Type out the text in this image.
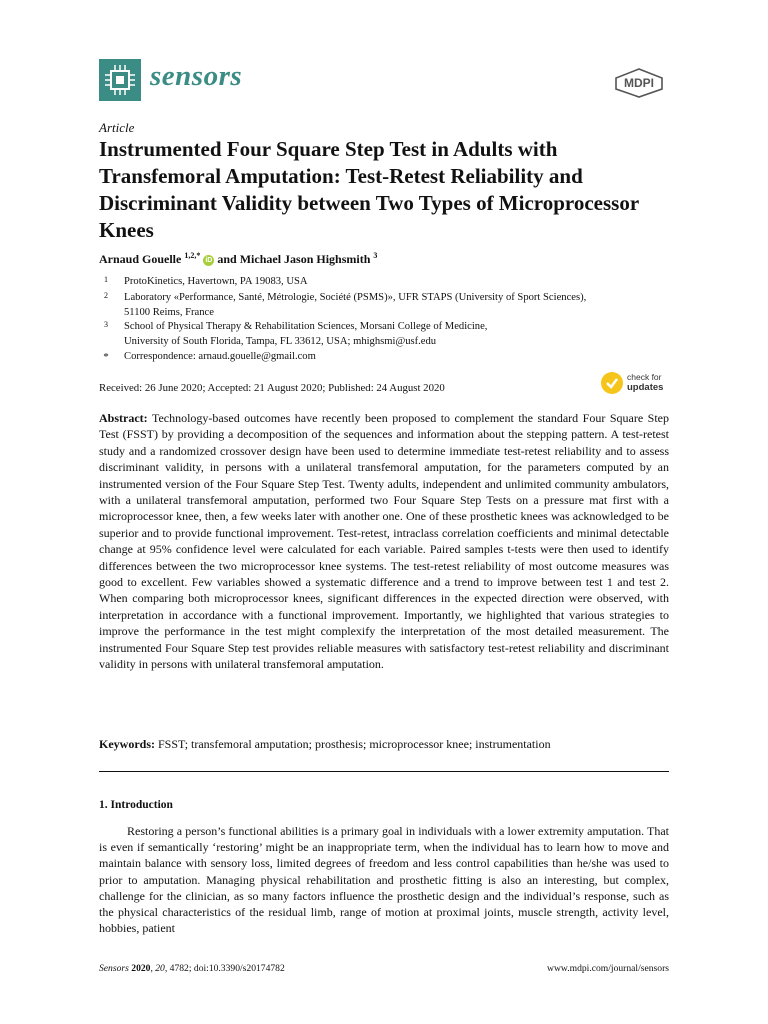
sensors	MDPI
Article
Instrumented Four Square Step Test in Adults with Transfemoral Amputation: Test-Retest Reliability and Discriminant Validity between Two Types of Microprocessor Knees
Arnaud Gouelle $^{1,2,*}$ iD and Michael Jason Highsmith $^3$
1	ProtoKinetics, Havertown, PA 19083, USA
2	Laboratory «Performance, Santé, Métrologie, Société (PSMS)», UFR STAPS (University of Sport Sciences),
51100 Reims, France
3	School of Physical Therapy & Rehabilitation Sciences, Morsani College of Medicine,
University of South Florida, Tampa, FL 33612, USA; mhighsmi@usf.edu
*	Correspondence: arnaud.gouelle@gmail.com
Received: 26 June 2020; Accepted: 21 August 2020; Published: 24 August 2020
check for
updates

Abstract: Technology-based outcomes have recently been proposed to complement the standard Four Square Step Test (FSST) by providing a decomposition of the sequences and information about the stepping pattern. A test-retest study and a randomized crossover design have been used to determine immediate test-retest reliability and to assess discriminant validity, in persons with a unilateral transfemoral amputation, for the parameters computed by an instrumented version of the Four Square Step Test. Twenty adults, independent and unlimited community ambulators, with a unilateral transfemoral amputation, performed two Four Square Step Tests on a pressure mat first with a microprocessor knee, then, a few weeks later with another one. One of these prosthetic knees was acknowledged to be superior and to provide functional improvement. Test-retest, intraclass correlation coefficients and minimal detectable change at 95% confidence level were calculated for each variable. Paired samples t-tests were then used to identify differences between the two microprocessor knee systems. The test-retest reliability of most outcome measures was good to excellent. Few variables showed a systematic difference and a trend to improve between test 1 and test 2. When comparing both microprocessor knees, significant differences in the expected direction were observed, with interpretation in accordance with a functional improvement. Importantly, we highlighted that various strategies to improve the performance in the test might complexify the interpretation of the most detailed measurement. The instrumented Four Square Step test provides reliable measures with satisfactory test-retest reliability and discriminant validity in persons with unilateral transfemoral amputation.

Keywords: FSST; transfemoral amputation; prosthesis; microprocessor knee; instrumentation
1. Introduction

Restoring a person’s functional abilities is a primary goal in individuals with a lower extremity amputation. That is even if semantically ‘restoring’ might be an inappropriate term, when the individual has to learn how to move and maintain balance with sensory loss, limited degrees of freedom and less control capabilities than he/she was used to prior to amputation. Managing physical rehabilitation and prosthetic fitting is also an interesting, but complex, challenge for the clinician, as so many factors influence the prosthetic design and the individual’s response, such as the physical characteristics of the residual limb, range of motion at proximal joints, muscle strength, activity level, hobbies, patient

Sensors 2020, 20, 4782; doi:10.3390/s20174782	www.mdpi.com/journal/sensors
